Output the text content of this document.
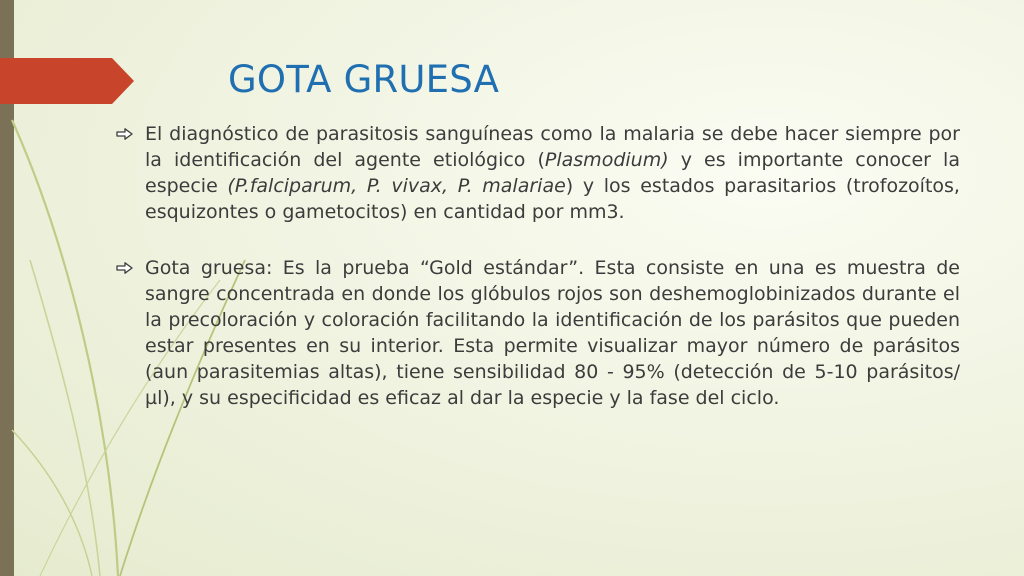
GOTA GRUESA
El diagnóstico de parasitosis sanguíneas como la malaria se debe hacer siempre por la identificación del agente etiológico (Plasmodium) y es importante conocer la especie (P.falciparum, P. vivax, P. malariae) y los estados parasitarios (trofozoítos, esquizontes o gametocitos) en cantidad por mm3.
Gota gruesa: Es la prueba “Gold estándar”. Esta consiste en una es muestra de sangre concentrada en donde los glóbulos rojos son deshemoglobinizados durante el la precoloración y coloración facilitando la identificación de los parásitos que pueden estar presentes en su interior. Esta permite visualizar mayor número de parásitos (aun parasitemias altas), tiene sensibilidad 80 - 95% (detección de 5-10 parásitos/µl), y su especificidad es eficaz al dar la especie y la fase del ciclo.
